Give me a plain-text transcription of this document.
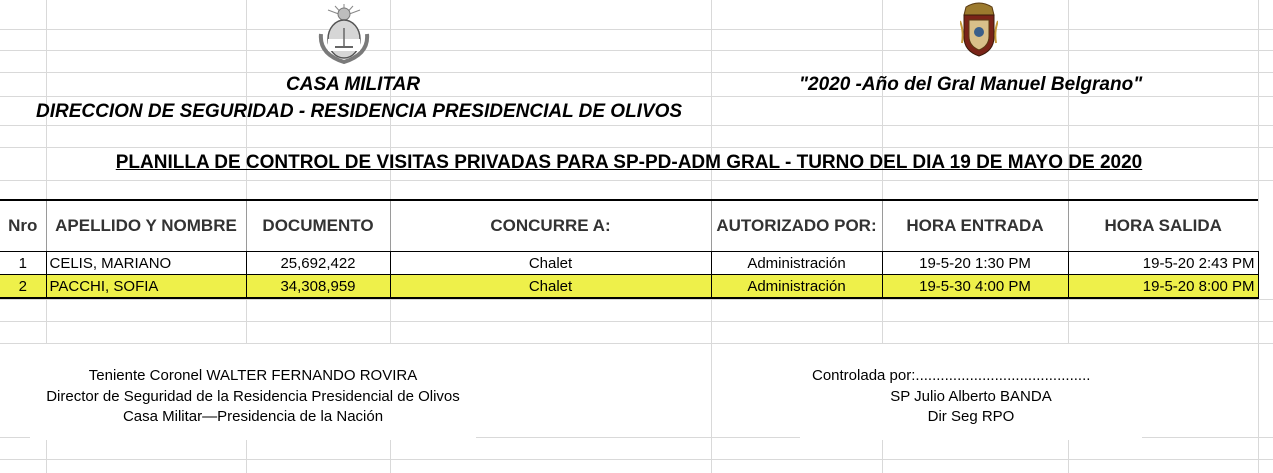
CASA MILITAR
DIRECCION DE SEGURIDAD - RESIDENCIA PRESIDENCIAL DE OLIVOS
"2020 -Año del Gral Manuel Belgrano"
PLANILLA DE CONTROL DE VISITAS PRIVADAS PARA SP-PD-ADM GRAL - TURNO DEL DIA 19 DE MAYO DE 2020
Nro	APELLIDO Y NOMBRE	DOCUMENTO	CONCURRE A:	AUTORIZADO POR:	HORA ENTRADA	HORA SALIDA
1	CELIS, MARIANO	25,692,422	Chalet	Administración	19-5-20 1:30 PM	19-5-20 2:43 PM
2	PACCHI, SOFIA	34,308,959	Chalet	Administración	19-5-30 4:00 PM	19-5-20 8:00 PM
Teniente Coronel WALTER FERNANDO ROVIRA
Director de Seguridad de la Residencia Presidencial de Olivos
Casa Militar—Presidencia de la Nación
Controlada por:..........................................
SP Julio Alberto BANDA
Dir Seg RPO
